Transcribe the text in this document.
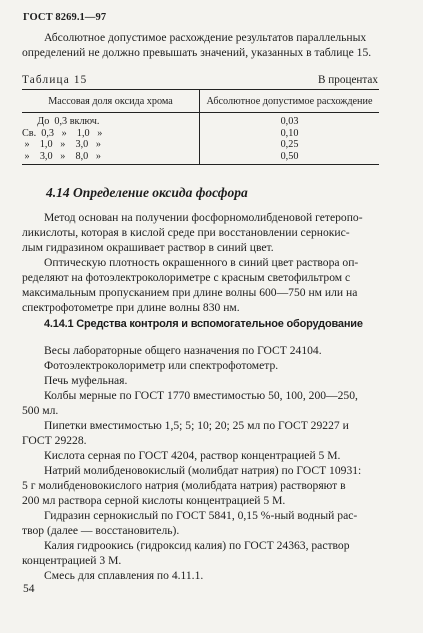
ГОСТ 8269.1—97
Абсолютное допустимое расхождение результатов параллельных
определений не должно превышать значений, указанных в таблице 15.
Таблица 15	В процентах
Массовая доля оксида хрома	Абсолютное допустимое расхождение
До  0,3 включ.	0,03
Св.  0,3   »    1,0   »	0,10
»    1,0   »    3,0   »	0,25
»    3,0   »    8,0   »	0,50
4.14 Определение оксида фосфора
Метод основан на получении фосфорномолибденовой гетеропо-
ликислоты, которая в кислой среде при восстановлении сернокис-
лым гидразином окрашивает раствор в синий цвет.
Оптическую плотность окрашенного в синий цвет раствора оп-
ределяют на фотоэлектроколориметре с красным светофильтром с
максимальным пропусканием при длине волны 600—750 нм или на
спектрофотометре при длине волны 830 нм.
4.14.1 Средства контроля и вспомогательное оборудование
Весы лабораторные общего назначения по ГОСТ 24104.
Фотоэлектроколориметр или спектрофотометр.
Печь муфельная.
Колбы мерные по ГОСТ 1770 вместимостью 50, 100, 200—250,
500 мл.
Пипетки вместимостью 1,5; 5; 10; 20; 25 мл по ГОСТ 29227 и
ГОСТ 29228.
Кислота серная по ГОСТ 4204, раствор концентрацией 5 М.
Натрий молибденовокислый (молибдат натрия) по ГОСТ 10931:
5 г молибденовокислого натрия (молибдата натрия) растворяют в
200 мл раствора серной кислоты концентрацией 5 М.
Гидразин сернокислый по ГОСТ 5841, 0,15 %-ный водный рас-
твор (далее — восстановитель).
Калия гидроокись (гидроксид калия) по ГОСТ 24363, раствор
концентрацией 3 М.
Смесь для сплавления по 4.11.1.
54
